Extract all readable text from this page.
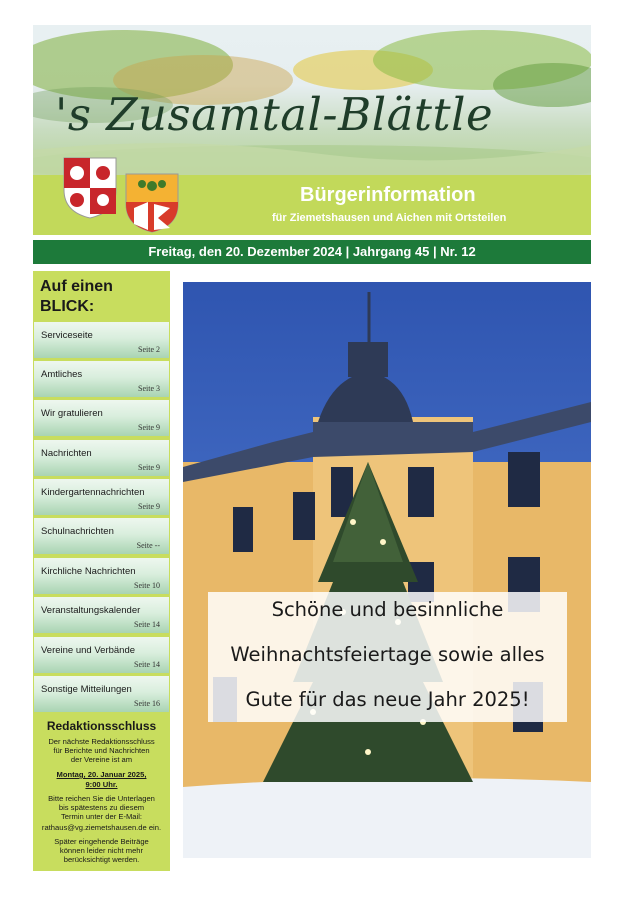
's Zusamtal-Blättle
Bürgerinformation
für Ziemetshausen und Aichen mit Ortsteilen
Freitag, den 20. Dezember 2024 | Jahrgang 45 | Nr. 12
Auf einen
BLICK:
Serviceseite
Seite 2
Amtliches
Seite 3
Wir gratulieren
Seite 9
Nachrichten
Seite 9
Kindergartennachrichten
Seite 9
Schulnachrichten
Seite --
Kirchliche Nachrichten
Seite 10
Veranstaltungskalender
Seite 14
Vereine und Verbände
Seite 14
Sonstige Mitteilungen
Seite 16
Redaktionsschluss
Der nächste Redaktionsschluss
für Berichte und Nachrichten
der Vereine ist am
Montag, 20. Januar 2025,
9:00 Uhr.
Bitte reichen Sie die Unterlagen
bis spätestens zu diesem
Termin unter der E-Mail:
rathaus@vg.ziemetshausen.de ein.
Später eingehende Beiträge
können leider nicht mehr
berücksichtigt werden.
Schöne und besinnliche
Weihnachtsfeiertage sowie alles
Gute für das neue Jahr 2025!
